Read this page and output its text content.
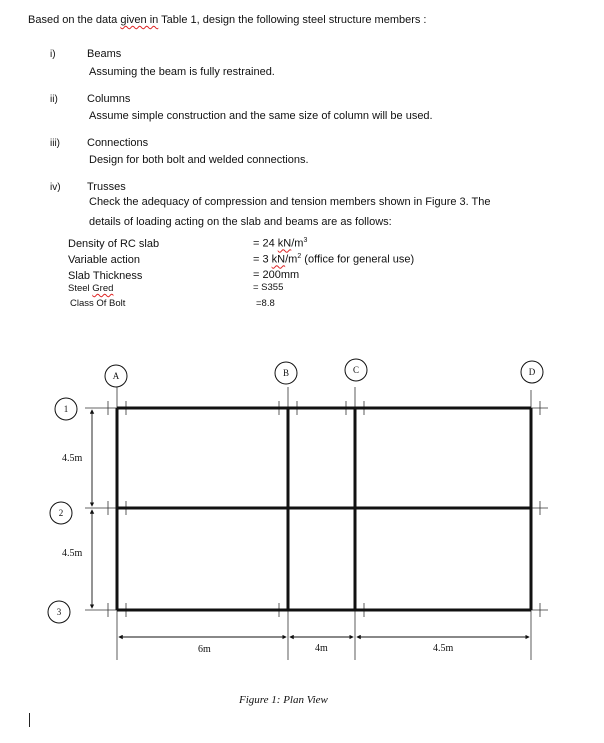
Based on the data given in Table 1, design the following steel structure members :
i)	Beams
Assuming the beam is fully restrained.
ii)	Columns
Assume simple construction and the same size of column will be used.
iii) Connections
Design for both bolt and welded connections.
iv) Trusses
Check the adequacy of compression and tension members shown in Figure 3. The
details of loading acting on the slab and beams are as follows:
Density of RC slab	= 24 $kN/m^3$
Variable action	= 3 $kN/m^2$ (office for general use)
Slab Thickness	= 200mm
Steel Gred	= S355
Class Of Bolt	=8.8
A	B	C	D
1
2
3
4.5m
4.5m
6m	4m	4.5m
Figure 1: Plan View
